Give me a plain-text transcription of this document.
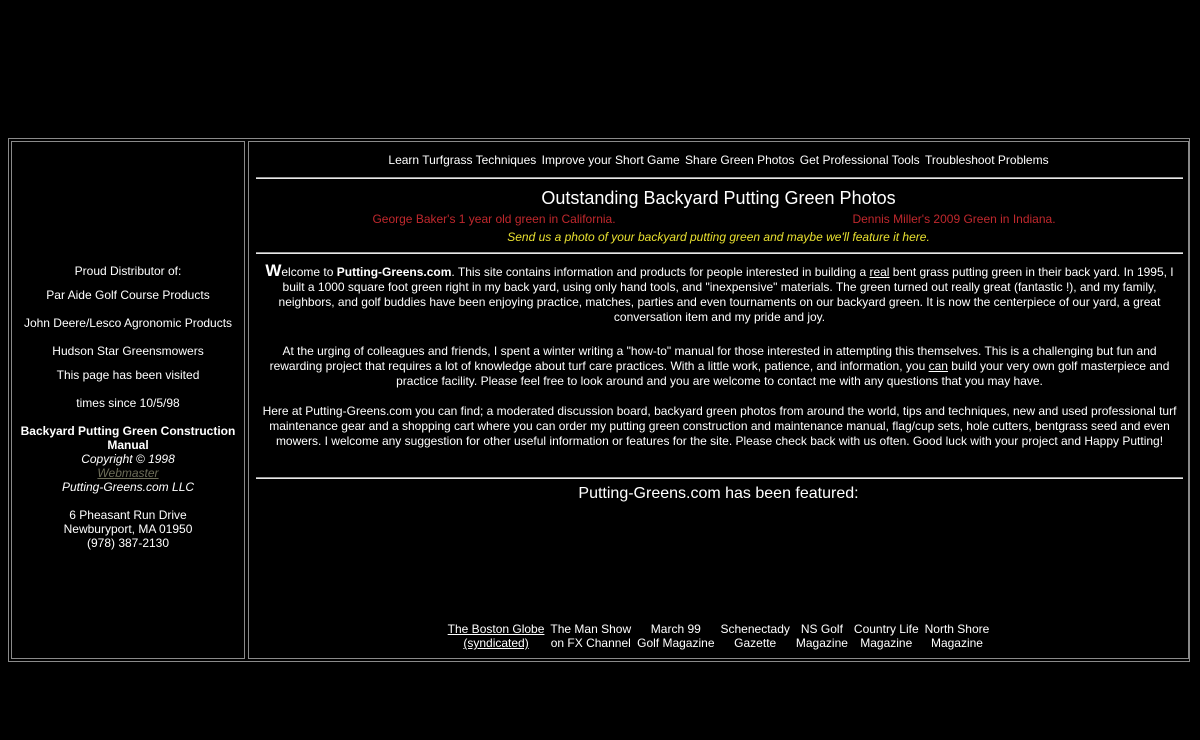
Proud Distributor of:
Par Aide Golf Course Products
John Deere/Lesco Agronomic Products
Hudson Star Greensmowers
This page has been visited
times since 10/5/98
Backyard Putting Green Construction Manual
Copyright © 1998
Webmaster
Putting-Greens.com LLC
6 Pheasant Run Drive
Newburyport, MA 01950
(978) 387-2130
Learn Turfgrass Techniques Improve your Short Game Share Green Photos Get Professional Tools Troubleshoot Problems
Outstanding Backyard Putting Green Photos
George Baker's 1 year old green in California.	Dennis Miller's 2009 Green in Indiana.
Send us a photo of your backyard putting green and maybe we'll feature it here.
Welcome to Putting-Greens.com. This site contains information and products for people interested in building a real bent grass putting green in their back yard. In 1995, I built a 1000 square foot green right in my back yard, using only hand tools, and "inexpensive" materials. The green turned out really great (fantastic !), and my family, neighbors, and golf buddies have been enjoying practice, matches, parties and even tournaments on our backyard green. It is now the centerpiece of our yard, a great conversation item and my pride and joy.
At the urging of colleagues and friends, I spent a winter writing a "how-to" manual for those interested in attempting this themselves. This is a challenging but fun and rewarding project that requires a lot of knowledge about turf care practices. With a little work, patience, and information, you can build your very own golf masterpiece and practice facility. Please feel free to look around and you are welcome to contact me with any questions that you may have.
Here at Putting-Greens.com you can find; a moderated discussion board, backyard green photos from around the world, tips and techniques, new and used professional turf maintenance gear and a shopping cart where you can order my putting green construction and maintenance manual, flag/cup sets, hole cutters, bentgrass seed and even mowers. I welcome any suggestion for other useful information or features for the site. Please check back with us often. Good luck with your project and Happy Putting!
Putting-Greens.com has been featured:
The Boston Globe
(syndicated)
The Man Show
on FX Channel
March 99
Golf Magazine
Schenectady
Gazette
NS Golf
Magazine
Country Life
Magazine
North Shore
Magazine
